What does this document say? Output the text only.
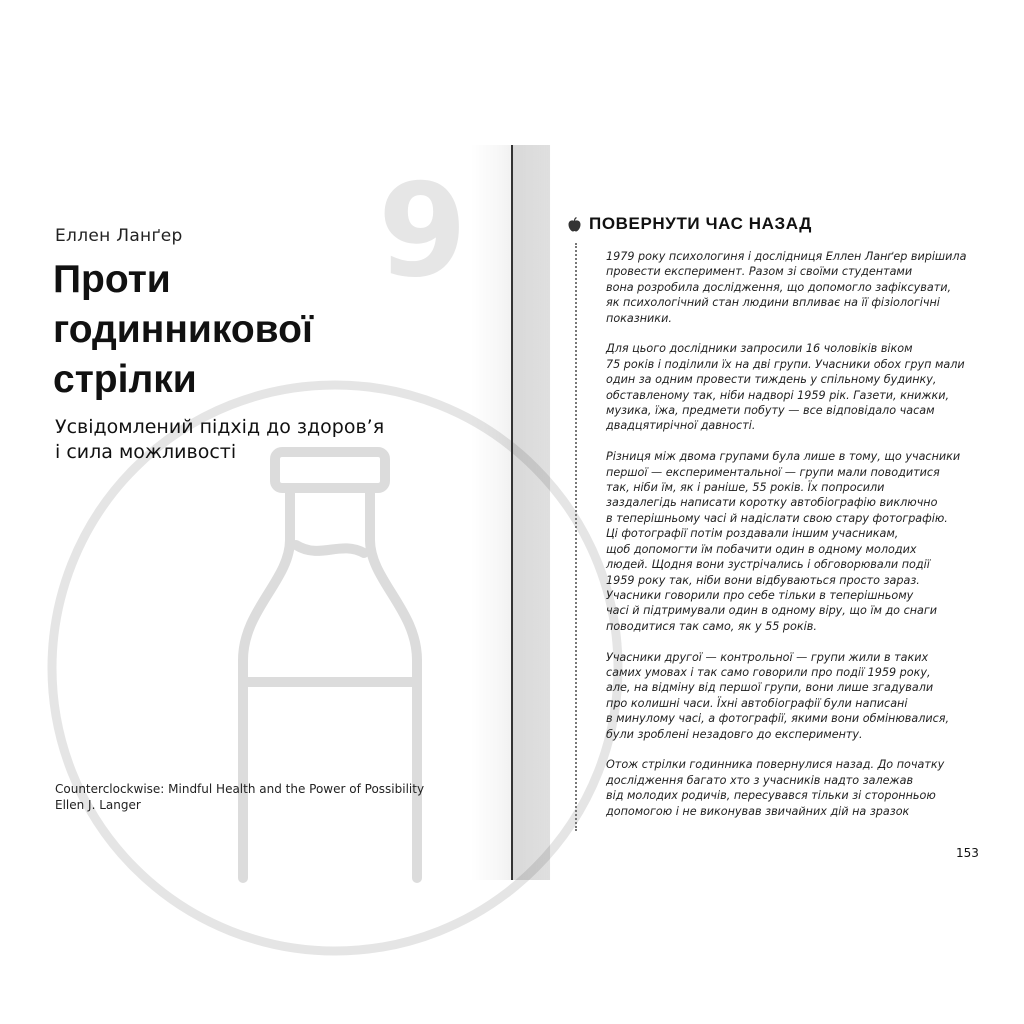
9
Еллен Ланґер
Проти
годинникової
стрілки
Усвідомлений підхід до здоров’я
і сила можливості
Counterclockwise: Mindful Health and the Power of Possibility
Ellen J. Langer
ПОВЕРНУТИ ЧАС НАЗАД

1979 року психологиня і дослідниця Еллен Ланґер вирішила
провести експеримент. Разом зі своїми студентами
вона розробила дослідження, що допомогло зафіксувати,
як психологічний стан людини впливає на її фізіологічні
показники.

Для цього дослідники запросили 16 чоловіків віком
75 років і поділили їх на дві групи. Учасники обох груп мали
один за одним провести тиждень у спільному будинку,
обставленому так, ніби надворі 1959 рік. Газети, книжки,
музика, їжа, предмети побуту — все відповідало часам
двадцятирічної давності.

Різниця між двома групами була лише в тому, що учасники
першої — експериментальної — групи мали поводитися
так, ніби їм, як і раніше, 55 років. Їх попросили
заздалегідь написати коротку автобіографію виключно
в теперішньому часі й надіслати свою стару фотографію.
Ці фотографії потім роздавали іншим учасникам,
щоб допомогти їм побачити один в одному молодих
людей. Щодня вони зустрічались і обговорювали події
1959 року так, ніби вони відбуваються просто зараз.
Учасники говорили про себе тільки в теперішньому
часі й підтримували один в одному віру, що їм до снаги
поводитися так само, як у 55 років.

Учасники другої — контрольної — групи жили в таких
самих умовах і так само говорили про події 1959 року,
але, на відміну від першої групи, вони лише згадували
про колишні часи. Їхні автобіографії були написані
в минулому часі, а фотографії, якими вони обмінювалися,
були зроблені незадовго до експерименту.

Отож стрілки годинника повернулися назад. До початку
дослідження багато хто з учасників надто залежав
від молодих родичів, пересувався тільки зі сторонньою
допомогою і не виконував звичайних дій на зразок

153
